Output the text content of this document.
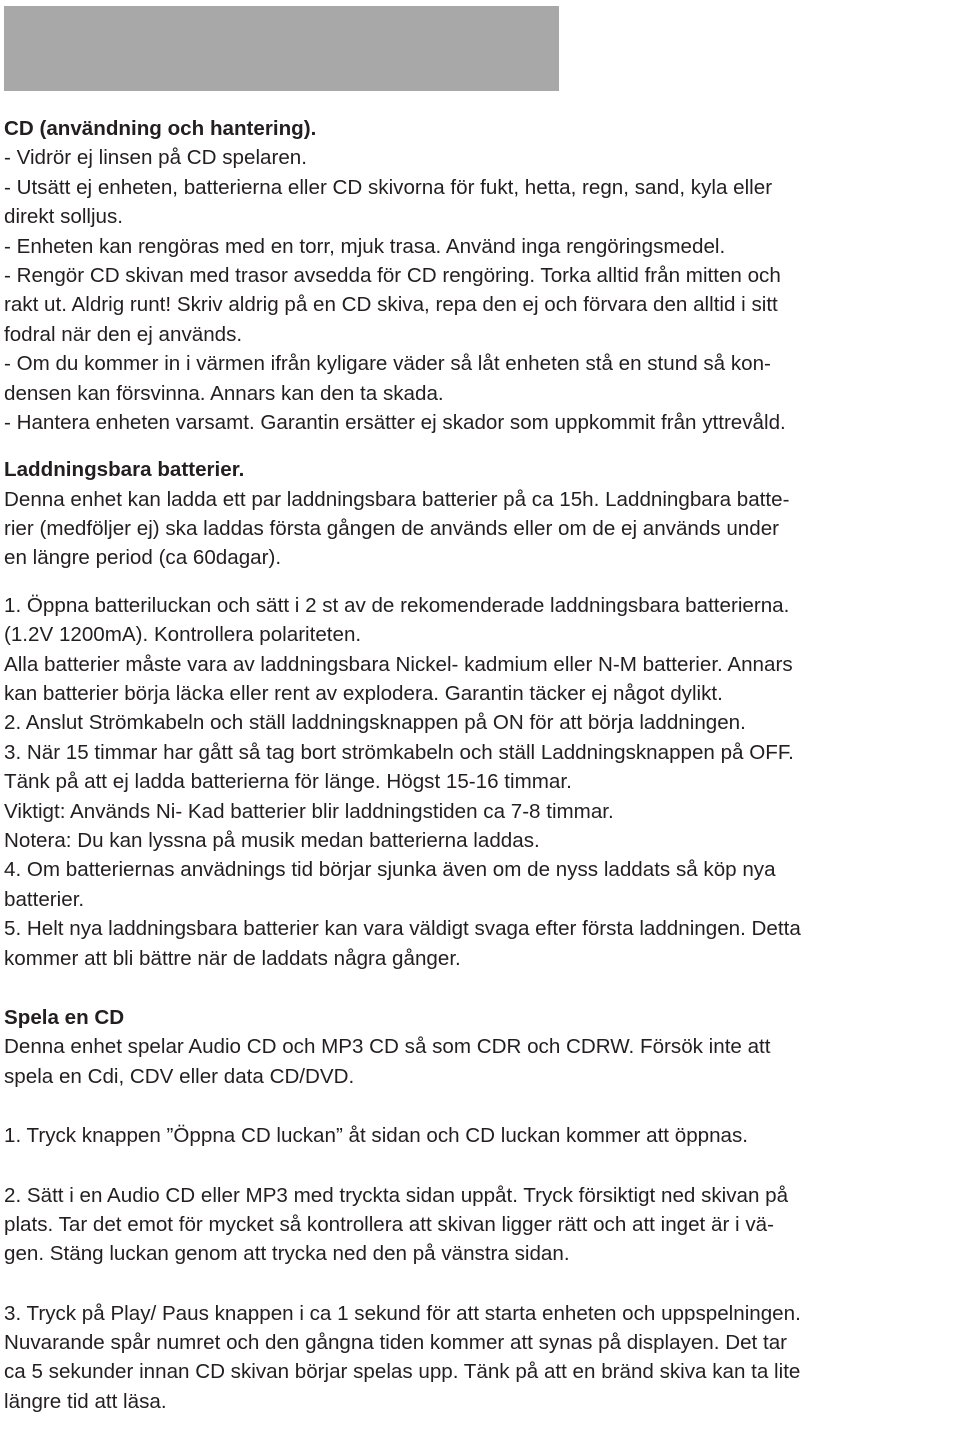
CD (användning och hantering).
- Vidrör ej linsen på CD spelaren.
- Utsätt ej enheten, batterierna eller CD skivorna för fukt, hetta, regn, sand, kyla eller
direkt solljus.
- Enheten kan rengöras med en torr, mjuk trasa. Använd inga rengöringsmedel.
- Rengör CD skivan med trasor avsedda för CD rengöring. Torka alltid från mitten och
rakt ut. Aldrig runt! Skriv aldrig på en CD skiva, repa den ej och förvara den alltid i sitt
fodral när den ej används.
- Om du kommer in i värmen ifrån kyligare väder så låt enheten stå en stund så kon-
densen kan försvinna. Annars kan den ta skada.
- Hantera enheten varsamt. Garantin ersätter ej skador som uppkommit från yttrevåld.
Laddningsbara batterier.
Denna enhet kan ladda ett par laddningsbara batterier på ca 15h. Laddningbara batte-
rier (medföljer ej) ska laddas första gången de används eller om de ej används under
en längre period (ca 60dagar).
1. Öppna batteriluckan och sätt i 2 st av de rekomenderade laddningsbara batterierna.
(1.2V 1200mA). Kontrollera polariteten.
Alla batterier måste vara av laddningsbara Nickel- kadmium eller N-M batterier. Annars
kan batterier börja läcka eller rent av explodera. Garantin täcker ej något dylikt.
2. Anslut Strömkabeln och ställ laddningsknappen på ON för att börja laddningen.
3. När 15 timmar har gått så tag bort strömkabeln och ställ Laddningsknappen på OFF.
Tänk på att ej ladda batterierna för länge. Högst 15-16 timmar.
Viktigt: Används Ni- Kad batterier blir laddningstiden ca 7-8 timmar.
Notera: Du kan lyssna på musik medan batterierna laddas.
4. Om batteriernas anvädnings tid börjar sjunka även om de nyss laddats så köp nya
batterier.
5. Helt nya laddningsbara batterier kan vara väldigt svaga efter första laddningen. Detta
kommer att bli bättre när de laddats några gånger.
Spela en CD
Denna enhet spelar Audio CD och MP3 CD så som CDR och CDRW. Försök inte att
spela en Cdi, CDV eller data CD/DVD.
1. Tryck knappen ”Öppna CD luckan” åt sidan och CD luckan kommer att öppnas.
2. Sätt i en Audio CD eller MP3 med tryckta sidan uppåt. Tryck försiktigt ned skivan på
plats. Tar det emot för mycket så kontrollera att skivan ligger rätt och att inget är i vä-
gen. Stäng luckan genom att trycka ned den på vänstra sidan.
3. Tryck på Play/ Paus knappen i ca 1 sekund för att starta enheten och uppspelningen.
Nuvarande spår numret och den gångna tiden kommer att synas på displayen. Det tar
ca 5 sekunder innan CD skivan börjar spelas upp. Tänk på att en bränd skiva kan ta lite
längre tid att läsa.
